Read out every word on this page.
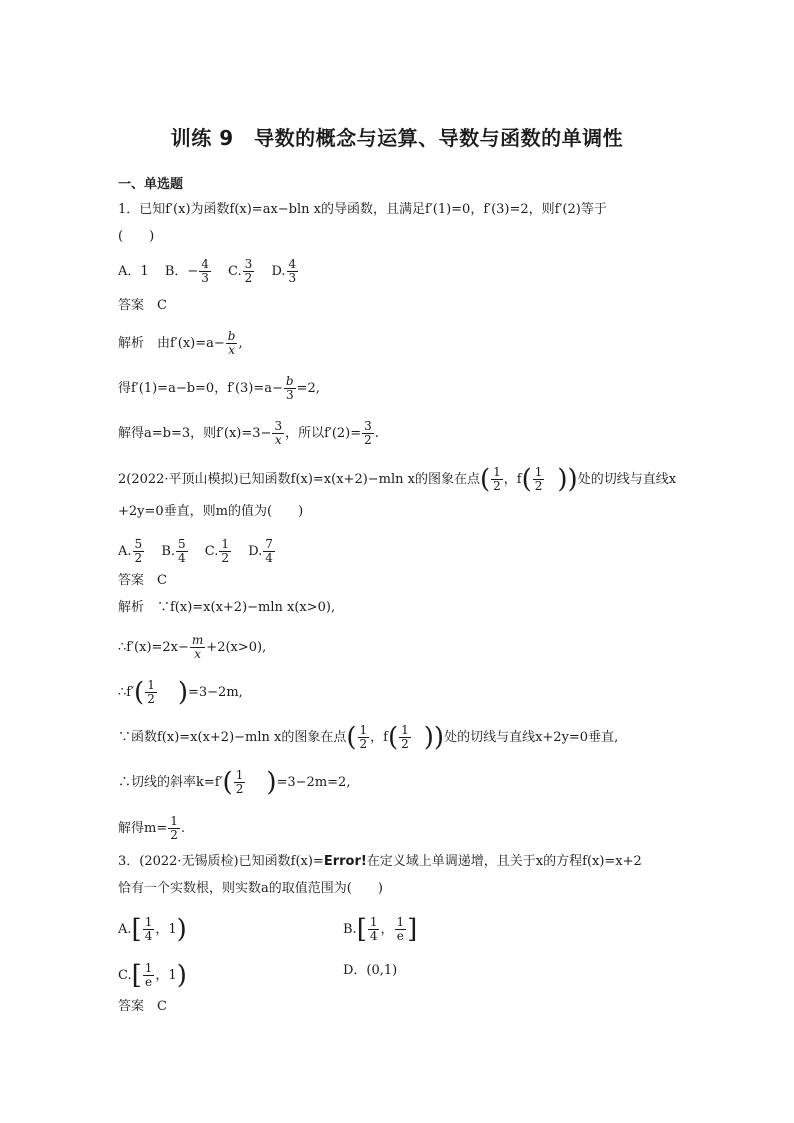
训练 9　导数的概念与运算、导数与函数的单调性
一、单选题
1．已知f′(x)为函数f(x)=ax−bln x的导函数，且满足f′(1)=0，f′(3)=2，则f′(2)等于
(　　)
A．1 B．− $\frac{4}{3} C$. $\frac{3}{2} D$. $\frac{4}{3}$
答案　C
解析　由$f'(x)=a- \frac{b}{x}$ ,
得f′(1)=a−b=0，$f'(3)=a- \frac{b}{3} =2$,
解得a=b=3，则$f'(x)=3- \frac{3}{x}$ ，所以$f'(2)= \frac{3}{2}$ .
2(2022·平顶山模拟)已知函数f(x)=x(x+2)−mln x的图象在点( $\frac{1}{2}$ ，$f( \frac{1}{2}$ ))处的切线与直线x
+2y=0垂直，则m的值为(　　)
A. $\frac{5}{2} B$. $\frac{5}{4} C$. $\frac{1}{2} D$. $\frac{7}{4}$
答案　C
解析　∵f(x)=x(x+2)−mln x(x>0),
∴f′(x)=2x− $\frac{m}{x} +2(x>0)$,
∴f′( $\frac{1}{2} )=3-2m$,
∵函数f(x)=x(x+2)−mln x的图象在点( $\frac{1}{2}$ ，$f( \frac{1}{2}$ ))处的切线与直线x+2y=0垂直,
∴切线的斜率$k=f'( \frac{1}{2} )=3-2m=2$,
解得$m= \frac{1}{2}$ .
3．(2022·无锡质检)已知函数f(x)=Error!在定义域上单调递增，且关于x的方程f(x)=x+2
恰有一个实数根，则实数a的取值范围为(　　)
$A.[ \frac{1}{4}$ ，1)	$B.[ \frac{1}{4}$ ， $\frac{1}{e}$ ]
$C.[ \frac{1}{e}$ ，1)	D．(0,1)
答案　C
